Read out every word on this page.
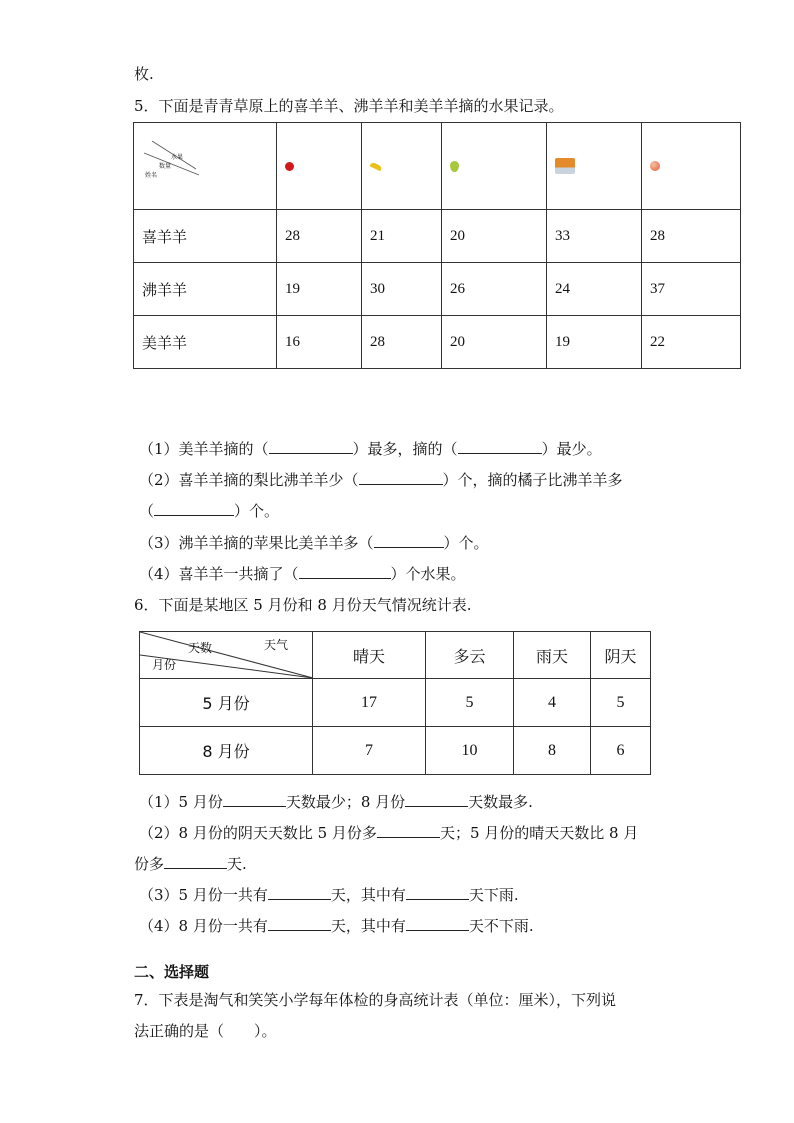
枚.
5．下面是青青草原上的喜羊羊、沸羊羊和美羊羊摘的水果记录。
水果
数量
姓名					

喜羊羊	28	21	20	33	28
沸羊羊	19	30	26	24	37
美羊羊	16	28	20	19	22
（1）美羊羊摘的（	）最多，摘的（	）最少。
（2）喜羊羊摘的梨比沸羊羊少（	）个，摘的橘子比沸羊羊多
（	）个。
（3）沸羊羊摘的苹果比美羊羊多（	）个。
（4）喜羊羊一共摘了（	）个水果。
6．下面是某地区 5 月份和 8 月份天气情况统计表.
天气
天数
月份	晴天	多云	雨天	阴天
5 月份	17	5	4	5
8 月份	7	10	8	6
（1）5 月份	天数最少；8 月份	天数最多.
（2）8 月份的阴天天数比 5 月份多	天；5 月份的晴天天数比 8 月
份多	天.
（3）5 月份一共有	天，其中有	天下雨.
（4）8 月份一共有	天，其中有	天不下雨.
二、选择题
7．下表是淘气和笑笑小学每年体检的身高统计表（单位：厘米），下列说
法正确的是（　　）。
